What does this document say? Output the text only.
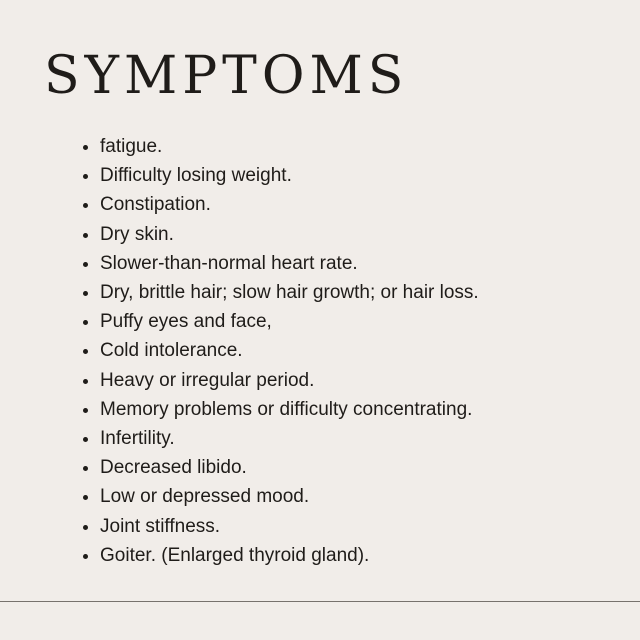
SYMPTOMS
• fatigue.
• Difficulty losing weight.
• Constipation.
• Dry skin.
• Slower-than-normal heart rate.
• Dry, brittle hair; slow hair growth; or hair loss.
• Puffy eyes and face,
• Cold intolerance.
• Heavy or irregular period.
• Memory problems or difficulty concentrating.
• Infertility.
• Decreased libido.
• Low or depressed mood.
• Joint stiffness.
• Goiter. (Enlarged thyroid gland).
